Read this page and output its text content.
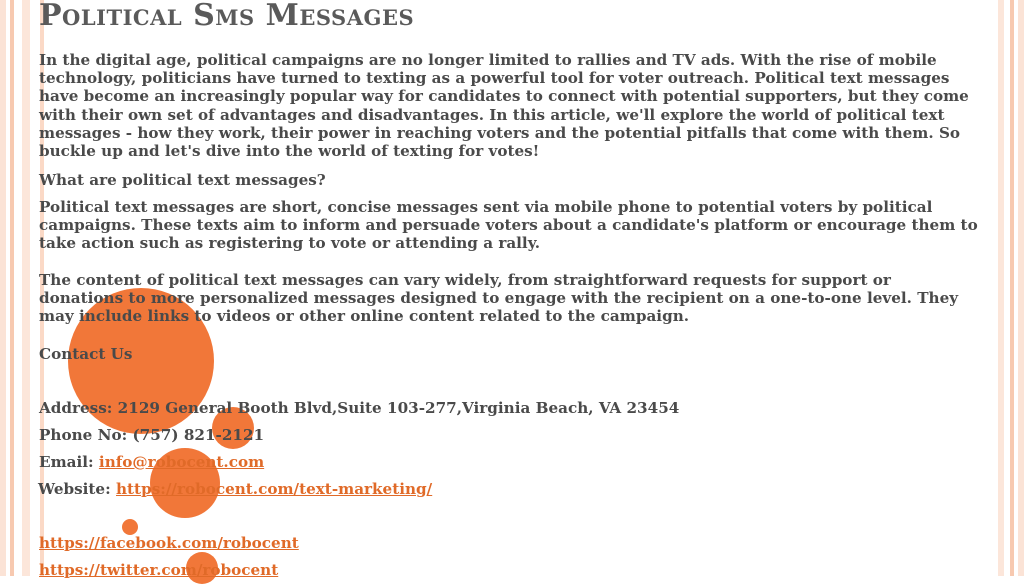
Political Sms Messages

In the digital age, political campaigns are no longer limited to rallies and TV ads. With the rise of mobile technology, politicians have turned to texting as a powerful tool for voter outreach. Political text messages have become an increasingly popular way for candidates to connect with potential supporters, but they come with their own set of advantages and disadvantages. In this article, we'll explore the world of political text messages - how they work, their power in reaching voters and the potential pitfalls that come with them. So buckle up and let's dive into the world of texting for votes!

What are political text messages?

Political text messages are short, concise messages sent via mobile phone to potential voters by political campaigns. These texts aim to inform and persuade voters about a candidate's platform or encourage them to take action such as registering to vote or attending a rally.

The content of political text messages can vary widely, from straightforward requests for support or donations to more personalized messages designed to engage with the recipient on a one-to-one level. They may include links to videos or other online content related to the campaign.

Contact Us

Address: 2129 General Booth Blvd,Suite 103-277,Virginia Beach, VA 23454

Phone No: (757) 821-2121

Email: info@robocent.com

Website: https://robocent.com/text-marketing/

https://facebook.com/robocent

https://twitter.com/robocent
